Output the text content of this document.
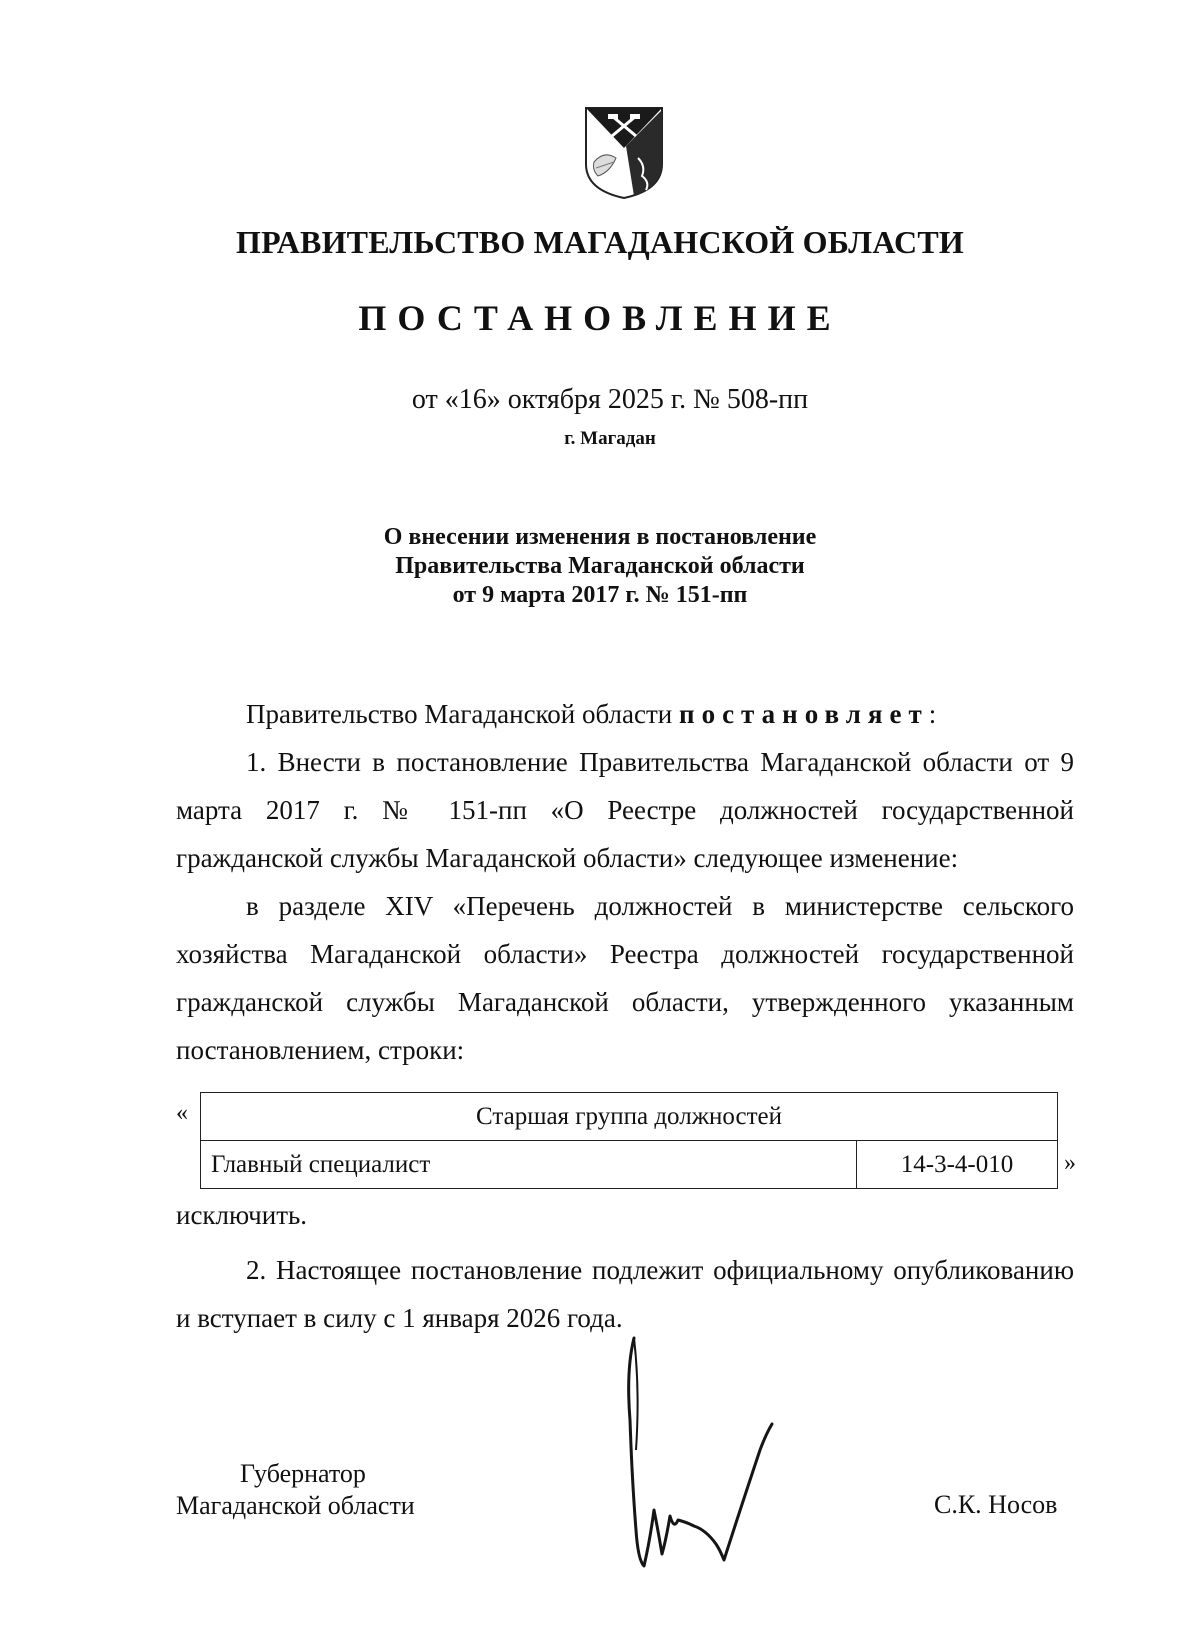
ПРАВИТЕЛЬСТВО МАГАДАНСКОЙ ОБЛАСТИ
ПОСТАНОВЛЕНИЕ
от «16» октября 2025 г. № 508-пп
г. Магадан
О внесении изменения в постановление
Правительства Магаданской области
от 9 марта 2017 г. № 151-пп

Правительство Магаданской области постановляет:

1. Внести в постановление Правительства Магаданской области от 9 марта 2017 г. № 151-пп «О Реестре должностей государственной гражданской службы Магаданской области» следующее изменение:

в разделе XIV «Перечень должностей в министерстве сельского хозяйства Магаданской области» Реестра должностей государственной гражданской службы Магаданской области, утвержденного указанным постановлением, строки:

«	Старшая группа должностей
Главный специалист	14-3-4-010 »
исключить.

2. Настоящее постановление подлежит официальному опубликованию и вступает в силу с 1 января 2026 года.

Губернатор
Магаданской области	С.К. Носов
